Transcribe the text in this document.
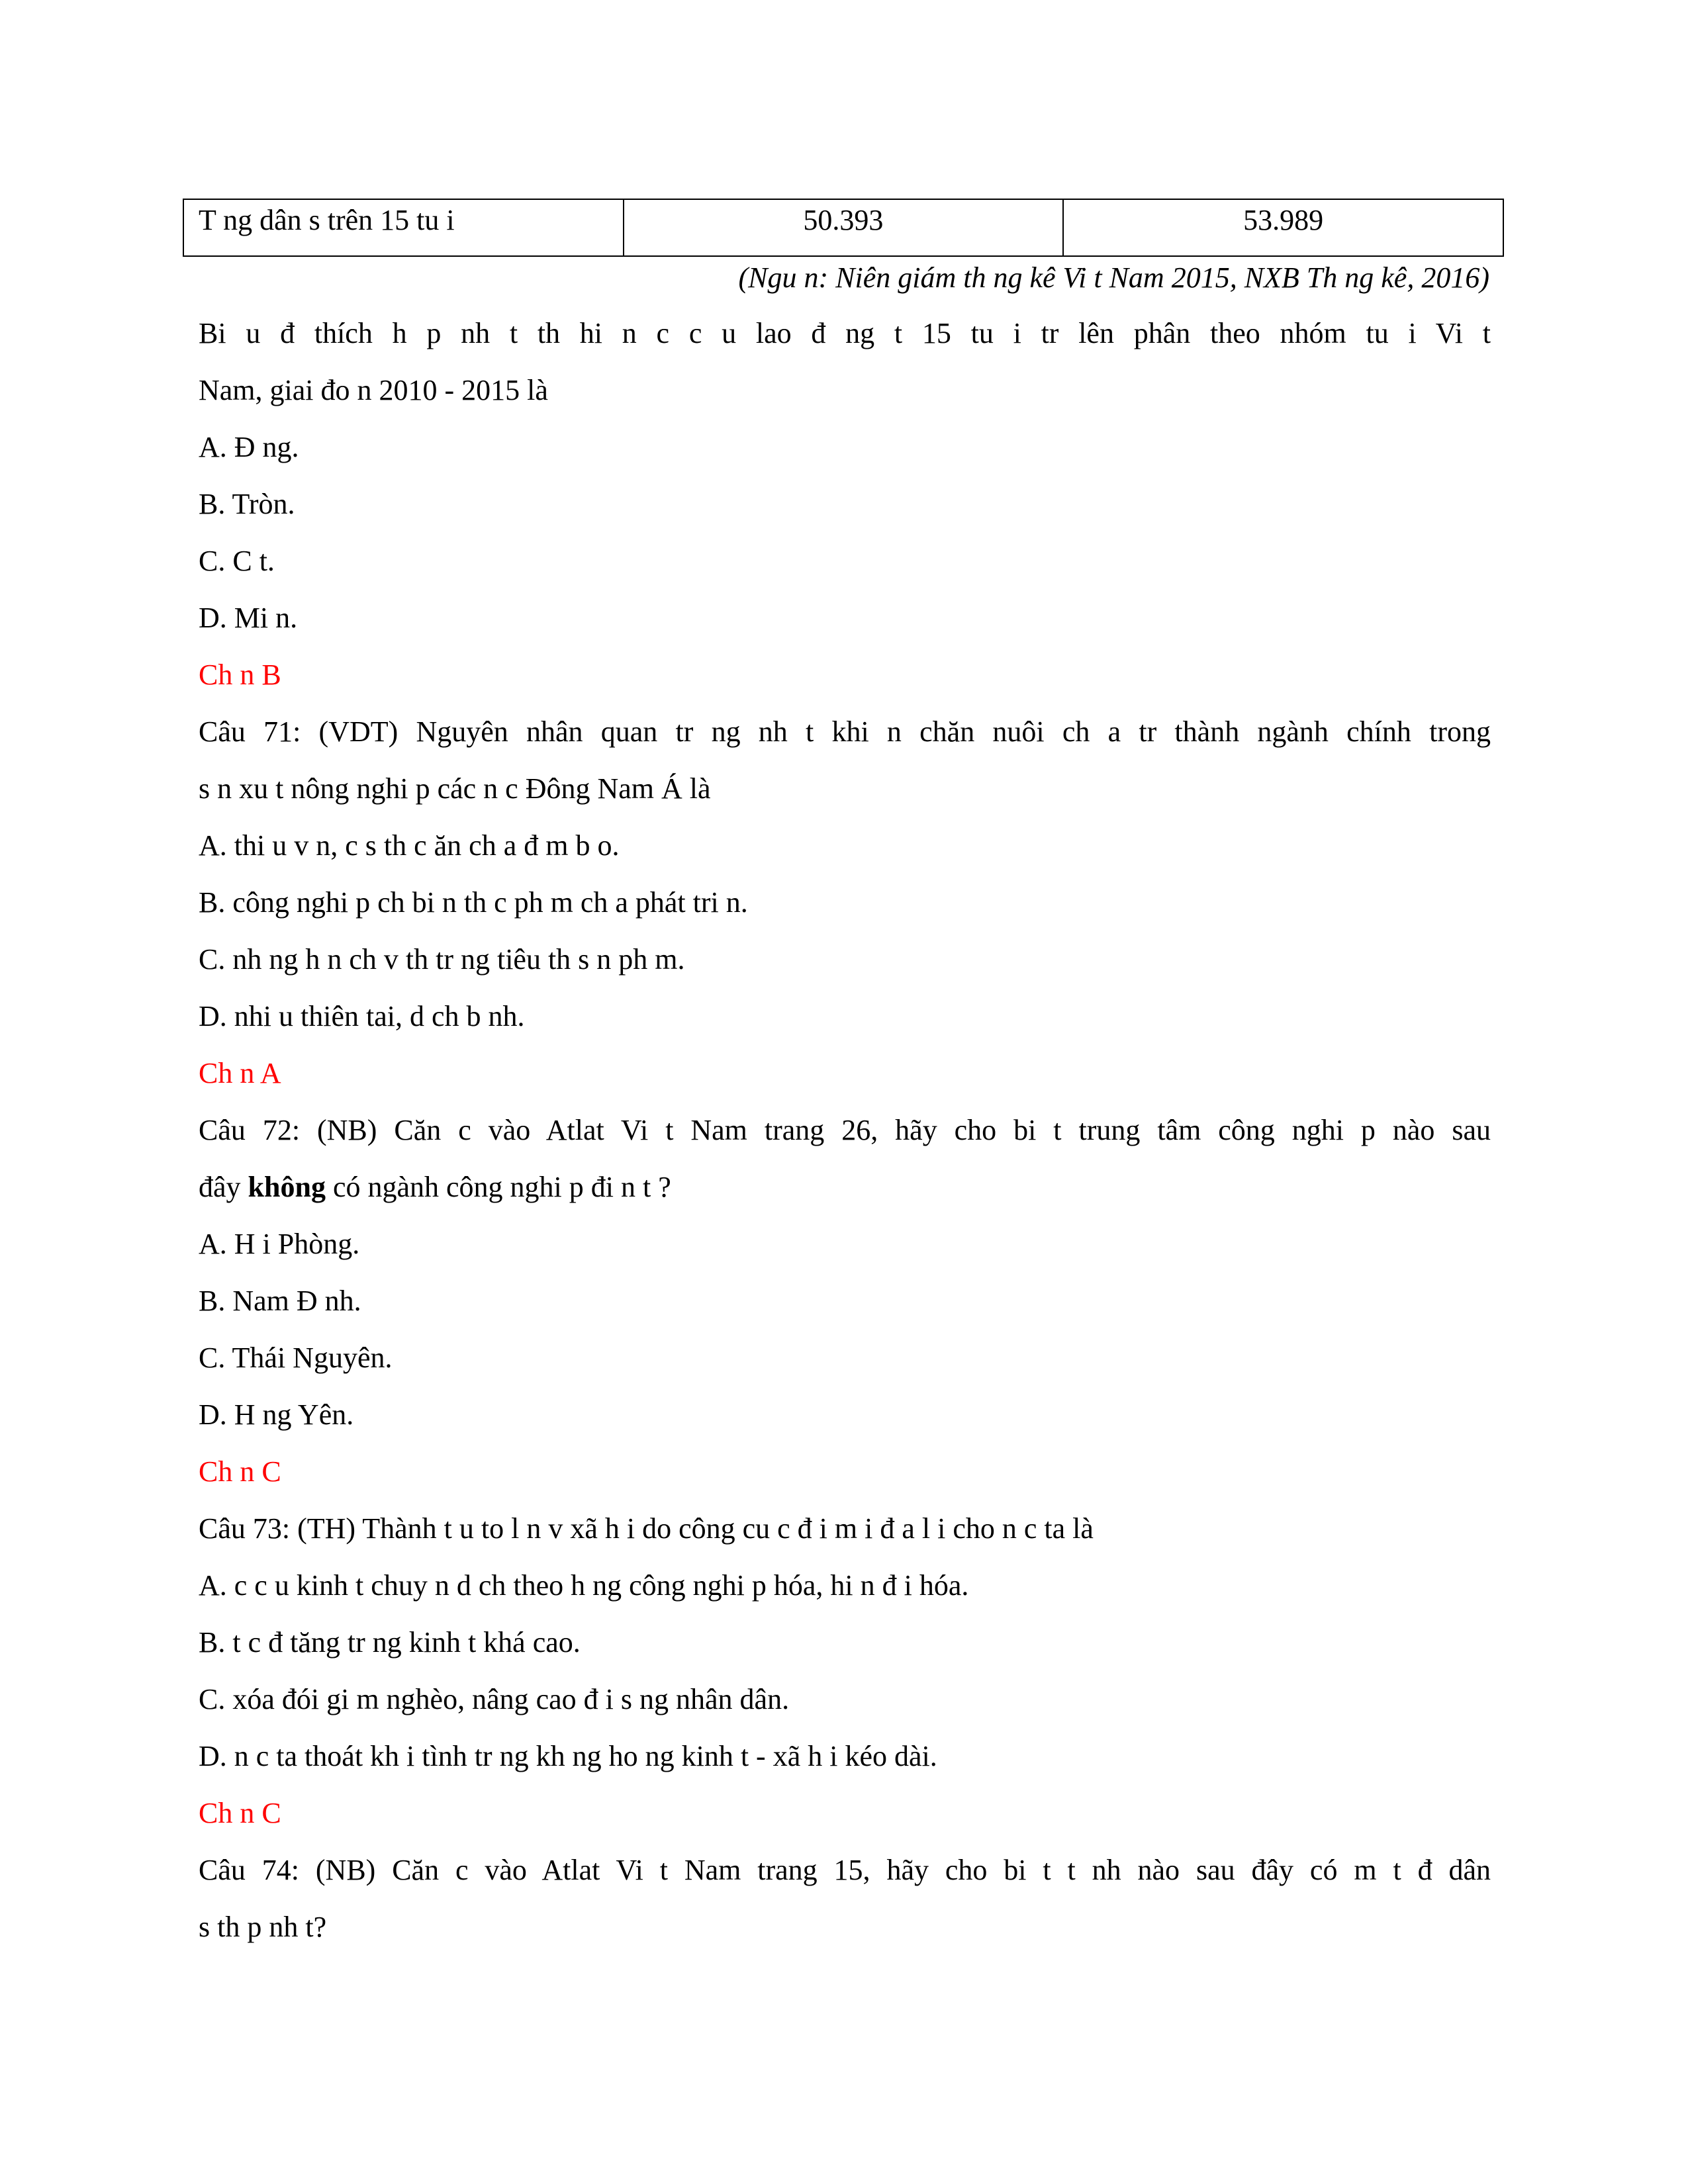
T ng dân s trên 15 tu i	50.393	53.989
(Ngu n: Niên giám th ng kê Vi t Nam 2015, NXB Th ng kê, 2016)
Bi u đ thích h p nh t th hi n c c u lao đ ng t 15 tu i tr lên phân theo nhóm tu i Vi t
Nam, giai đo n 2010 - 2015 là
A. Đ ng.
B. Tròn.
C. C t.
D. Mi n.
Ch n B
Câu 71: (VDT) Nguyên nhân quan tr ng nh t khi n chăn nuôi ch a tr thành ngành chính trong
s n xu t nông nghi p các n c Đông Nam Á là
A. thi u v n, c s th c ăn ch a đ m b o.
B. công nghi p ch bi n th c ph m ch a phát tri n.
C. nh ng h n ch v th tr ng tiêu th s n ph m.
D. nhi u thiên tai, d ch b nh.
Ch n A
Câu 72: (NB) Căn c vào Atlat Vi t Nam trang 26, hãy cho bi t trung tâm công nghi p nào sau
đây không có ngành công nghi p đi n t ?
A. H i Phòng.
B. Nam Đ nh.
C. Thái Nguyên.
D. H ng Yên.
Ch n C
Câu 73: (TH) Thành t u to l n v xã h i do công cu c đ i m i đ a l i cho n c ta là
A. c c u kinh t chuy n d ch theo h ng công nghi p hóa, hi n đ i hóa.
B. t c đ tăng tr ng kinh t khá cao.
C. xóa đói gi m nghèo, nâng cao đ i s ng nhân dân.
D. n c ta thoát kh i tình tr ng kh ng ho ng kinh t - xã h i kéo dài.
Ch n C
Câu 74: (NB) Căn c vào Atlat Vi t Nam trang 15, hãy cho bi t t nh nào sau đây có m t đ dân
s th p nh t?
